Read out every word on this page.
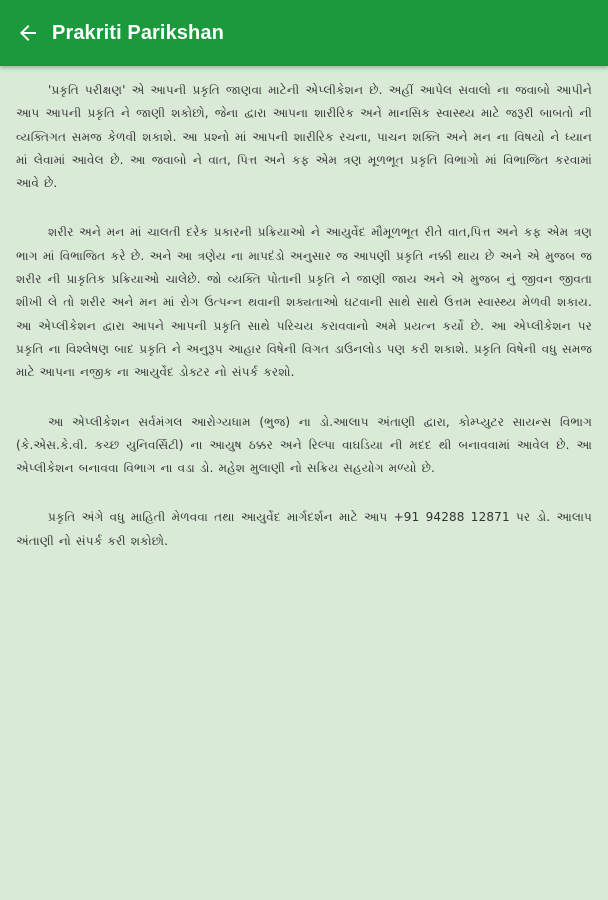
Prakriti Parikshan

'પ્રકૃતિ પરીક્ષણ' એ આપની પ્રકૃતિ જાણવા માટેની એપ્લીકેશન છે. અહીં આપેલ સવાલો ના જવાબો આપીને આપ આપની પ્રકૃતિ ને જાણી શકોછો, જેના દ્વારા આપના શારીરિક અને માનસિક સ્વાસ્થ્ય માટે જરૂરી બાબતો ની વ્યક્તિગત સમજ કેળવી શકાશે. આ પ્રશ્નો માં આપની શારીરિક રચના, પાચન શક્તિ અને મન ના વિષયો ને ધ્યાન માં લેવામાં આવેલ છે. આ જવાબો ને વાત, પિત્ત અને કફ એમ ત્રણ મૂળભૂત પ્રકૃતિ વિભાગો માં વિભાજિત કરવામાં આવે છે.

શરીર અને મન માં ચાલતી દરેક પ્રકારની પ્રક્રિયાઓ ને આયુર્વેદ મૌમૂળભૂત રીતે વાત,પિત્ત અને કફ એમ ત્રણ ભાગ માં વિભાજિત કરે છે. અને આ ત્રણેય ના માપદંડો અનુસાર જ આપણી પ્રકૃતિ નક્કી થાય છે અને એ મુજબ જ શરીર ની પ્રાકૃતિક પ્રક્રિયાઓ ચાલેછે. જો વ્યક્તિ પોતાની પ્રકૃતિ ને જાણી જાય અને એ મુજબ નું જીવન જીવતા શીખી લે તો શરીર અને મન માં રોગ ઉત્પન્ન થવાની શક્યતાઓ ઘટવાની સાથે સાથે ઉત્તમ સ્વાસ્થ્ય મેળવી શકાય. આ એપ્લીકેશન દ્વારા આપને આપની પ્રકૃતિ સાથે પરિચય કરાવવાનો અમે પ્રયત્ન કર્યો છે. આ એપ્લીકેશન પર પ્રકૃતિ ના વિશ્લેષણ બાદ પ્રકૃતિ ને અનુરૂપ આહાર વિષેની વિગત ડાઉનલોડ પણ કરી શકાશે. પ્રકૃતિ વિષેની વધુ સમજ માટે આપના નજીક ના આયુર્વેદ ડોક્ટર નો સંપર્ક કરશો.

આ એપ્લીકેશન સર્વમંગલ આરોગ્યધામ (ભુજ) ના ડો.આલાપ અંતાણી દ્વારા, કોમ્પ્યુટર સાયન્સ વિભાગ (કે.એસ.કે.વી. કચ્છ યુનિવર્સિટી) ના આયુષ ઠક્કર અને રિલ્પા વાઘડિયા ની મદદ થી બનાવવામાં આવેલ છે. આ એપ્લીકેશન બનાવવા વિભાગ ના વડા ડો. મહેશ મુલાણી નો સક્રિય સહયોગ મળ્યો છે.

પ્રકૃતિ અંગે વધુ માહિતી મેળવવા તથા આયુર્વેદ માર્ગદર્શન માટે આપ +91 94288 12871 પર ડો. આલાપ અંતાણી નો સંપર્ક કરી શકોછો.
